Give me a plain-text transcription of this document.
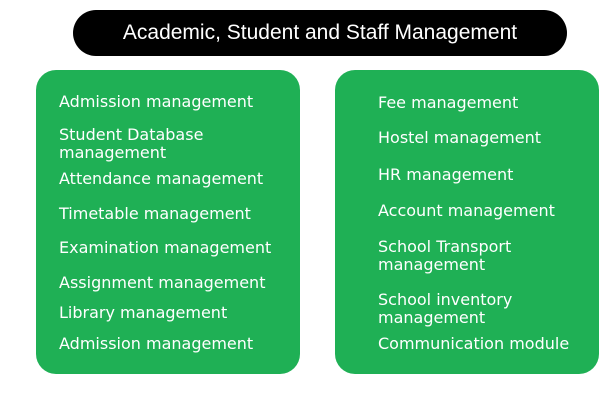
Academic, Student and Staff Management
Admission management
Student Database management
Attendance management
Timetable management
Examination management
Assignment management
Library management
Admission management
Fee management
Hostel management
HR management
Account management
School Transport management
School inventory management
Communication module
